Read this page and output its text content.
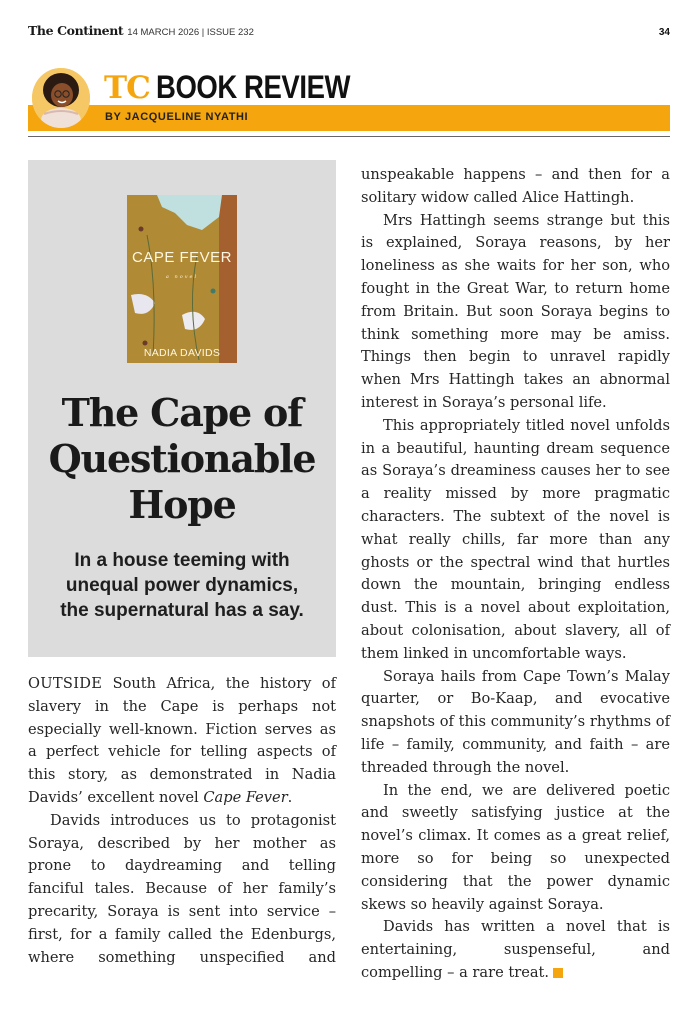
The Continent 14 MARCH 2026 | ISSUE 232	34
TC BOOK REVIEW
BY JACQUELINE NYATHI
CAPE FEVER
a novel
NADIA DAVIDS
The Cape of
Questionable
Hope
In a house teeming with
unequal power dynamics,
the supernatural has a say.

OUTSIDE South Africa, the history of slavery in the Cape is perhaps not especially well-known. Fiction serves as a perfect vehicle for telling aspects of this story, as demonstrated in Nadia Davids’ excellent novel Cape Fever.

Davids introduces us to protagonist Soraya, described by her mother as prone to daydreaming and telling fanciful tales. Because of her family’s precarity, Soraya is sent into service – first, for a family called the Edenburgs, where something unspecified and

unspeakable happens – and then for a solitary widow called Alice Hattingh.

Mrs Hattingh seems strange but this is explained, Soraya reasons, by her loneliness as she waits for her son, who fought in the Great War, to return home from Britain. But soon Soraya begins to think something more may be amiss. Things then begin to unravel rapidly when Mrs Hattingh takes an abnormal interest in Soraya’s personal life.

This appropriately titled novel unfolds in a beautiful, haunting dream sequence as Soraya’s dreaminess causes her to see a reality missed by more pragmatic characters. The subtext of the novel is what really chills, far more than any ghosts or the spectral wind that hurtles down the mountain, bringing endless dust. This is a novel about exploitation, about colonisation, about slavery, all of them linked in uncomfortable ways.

Soraya hails from Cape Town’s Malay quarter, or Bo-Kaap, and evocative snapshots of this community’s rhythms of life – family, community, and faith – are threaded through the novel.

In the end, we are delivered poetic and sweetly satisfying justice at the novel’s climax. It comes as a great relief, more so for being so unexpected considering that the power dynamic skews so heavily against Soraya.

Davids has written a novel that is entertaining, suspenseful, and compelling – a rare treat.
